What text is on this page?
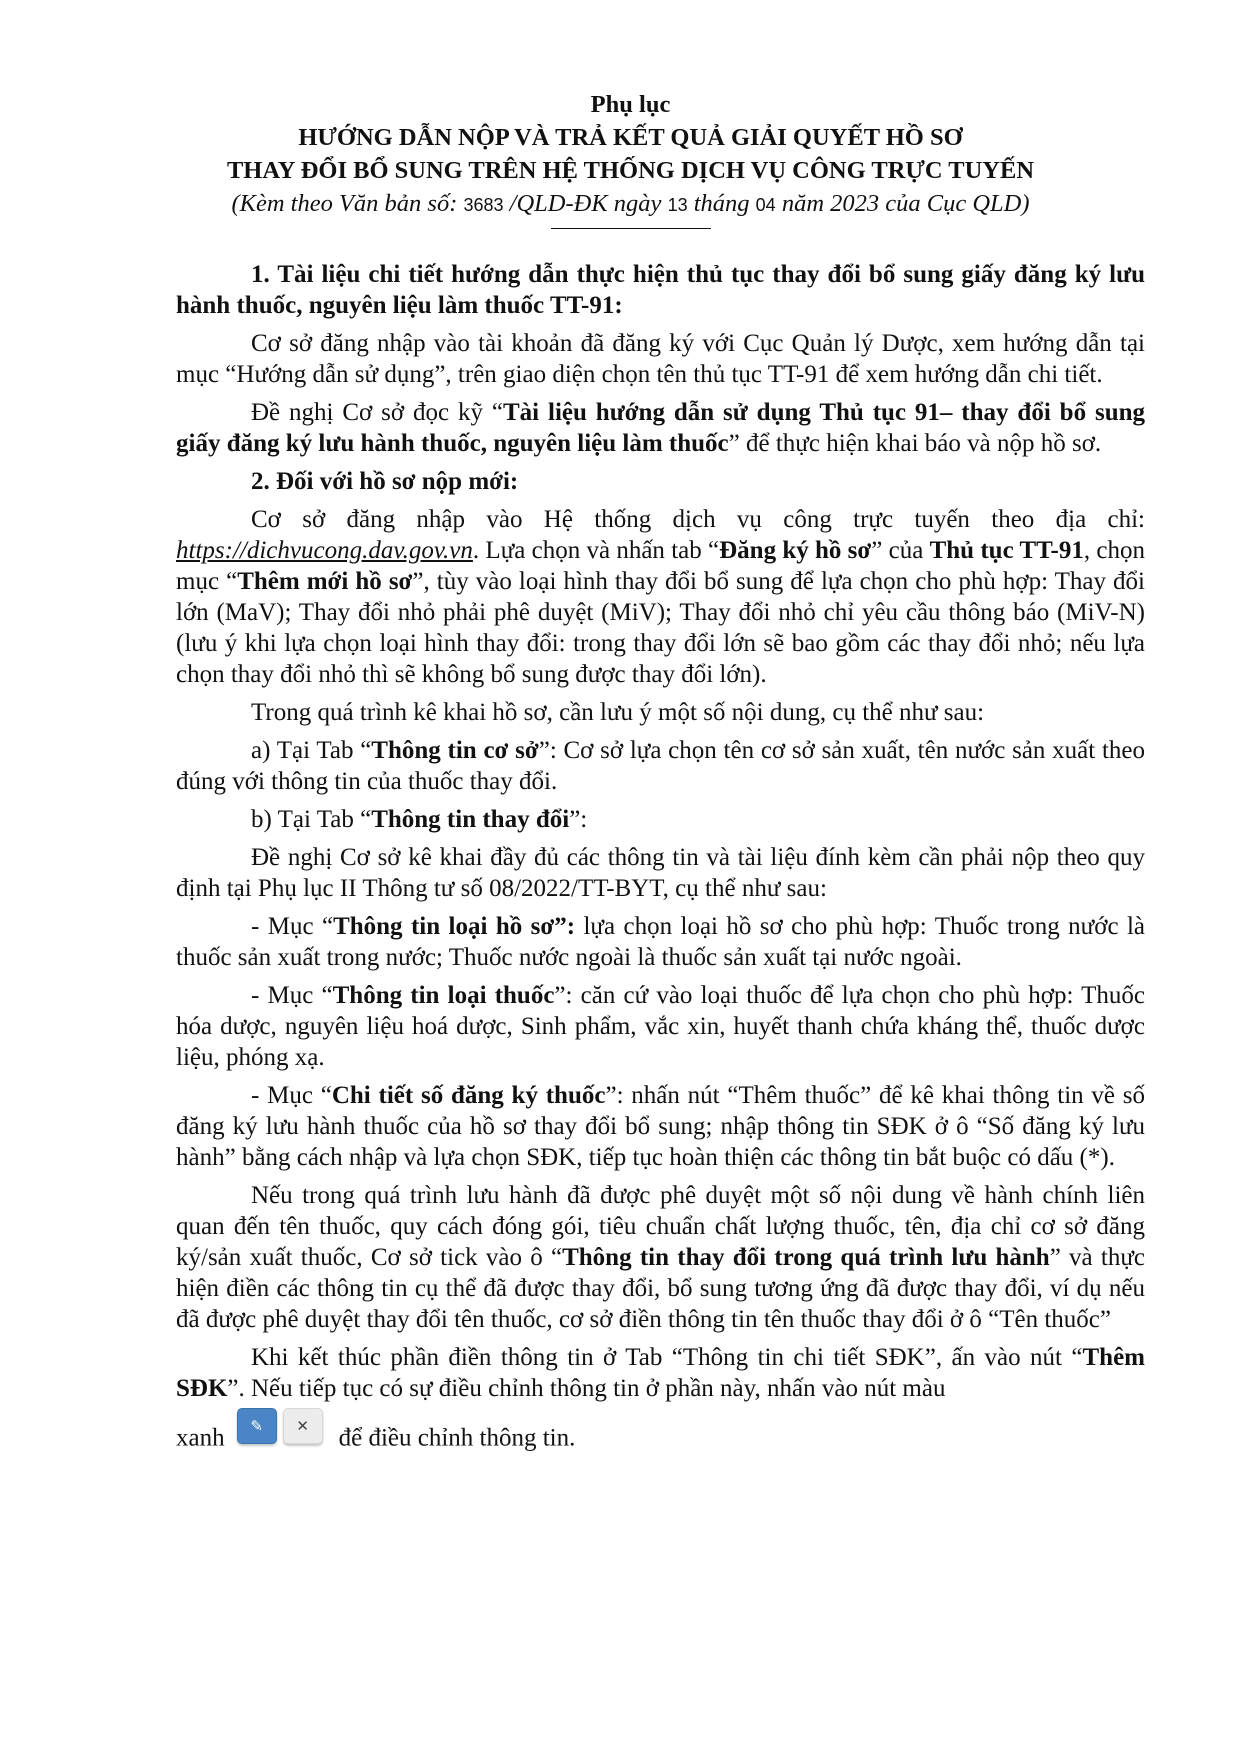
Phụ lục
HƯỚNG DẪN NỘP VÀ TRẢ KẾT QUẢ GIẢI QUYẾT HỒ SƠ
THAY ĐỔI BỔ SUNG TRÊN HỆ THỐNG DỊCH VỤ CÔNG TRỰC TUYẾN
(Kèm theo Văn bản số: 3683 /QLD-ĐK ngày 13 tháng 04 năm 2023 của Cục QLD)

1. Tài liệu chi tiết hướng dẫn thực hiện thủ tục thay đổi bổ sung giấy đăng ký lưu hành thuốc, nguyên liệu làm thuốc TT-91:

Cơ sở đăng nhập vào tài khoản đã đăng ký với Cục Quản lý Dược, xem hướng dẫn tại mục “Hướng dẫn sử dụng”, trên giao diện chọn tên thủ tục TT-91 để xem hướng dẫn chi tiết.

Đề nghị Cơ sở đọc kỹ “Tài liệu hướng dẫn sử dụng Thủ tục 91– thay đổi bổ sung giấy đăng ký lưu hành thuốc, nguyên liệu làm thuốc” để thực hiện khai báo và nộp hồ sơ.

2. Đối với hồ sơ nộp mới:

Cơ sở đăng nhập vào Hệ thống dịch vụ công trực tuyến theo địa chỉ: https://dichvucong.dav.gov.vn. Lựa chọn và nhấn tab “Đăng ký hồ sơ” của Thủ tục TT-91, chọn mục “Thêm mới hồ sơ”, tùy vào loại hình thay đổi bổ sung để lựa chọn cho phù hợp: Thay đổi lớn (MaV); Thay đổi nhỏ phải phê duyệt (MiV); Thay đổi nhỏ chỉ yêu cầu thông báo (MiV-N) (lưu ý khi lựa chọn loại hình thay đổi: trong thay đổi lớn sẽ bao gồm các thay đổi nhỏ; nếu lựa chọn thay đổi nhỏ thì sẽ không bổ sung được thay đổi lớn).

Trong quá trình kê khai hồ sơ, cần lưu ý một số nội dung, cụ thể như sau:

a) Tại Tab “Thông tin cơ sở”: Cơ sở lựa chọn tên cơ sở sản xuất, tên nước sản xuất theo đúng với thông tin của thuốc thay đổi.

b) Tại Tab “Thông tin thay đổi”:

Đề nghị Cơ sở kê khai đầy đủ các thông tin và tài liệu đính kèm cần phải nộp theo quy định tại Phụ lục II Thông tư số 08/2022/TT-BYT, cụ thể như sau:

- Mục “Thông tin loại hồ sơ”: lựa chọn loại hồ sơ cho phù hợp: Thuốc trong nước là thuốc sản xuất trong nước; Thuốc nước ngoài là thuốc sản xuất tại nước ngoài.

- Mục “Thông tin loại thuốc”: căn cứ vào loại thuốc để lựa chọn cho phù hợp: Thuốc hóa dược, nguyên liệu hoá dược, Sinh phẩm, vắc xin, huyết thanh chứa kháng thể, thuốc dược liệu, phóng xạ.

- Mục “Chi tiết số đăng ký thuốc”: nhấn nút “Thêm thuốc” để kê khai thông tin về số đăng ký lưu hành thuốc của hồ sơ thay đổi bổ sung; nhập thông tin SĐK ở ô “Số đăng ký lưu hành” bằng cách nhập và lựa chọn SĐK, tiếp tục hoàn thiện các thông tin bắt buộc có dấu (*).

Nếu trong quá trình lưu hành đã được phê duyệt một số nội dung về hành chính liên quan đến tên thuốc, quy cách đóng gói, tiêu chuẩn chất lượng thuốc, tên, địa chỉ cơ sở đăng ký/sản xuất thuốc, Cơ sở tick vào ô “Thông tin thay đổi trong quá trình lưu hành” và thực hiện điền các thông tin cụ thể đã được thay đổi, bổ sung tương ứng đã được thay đổi, ví dụ nếu đã được phê duyệt thay đổi tên thuốc, cơ sở điền thông tin tên thuốc thay đổi ở ô “Tên thuốc”

Khi kết thúc phần điền thông tin ở Tab “Thông tin chi tiết SĐK”, ấn vào nút “Thêm SĐK”. Nếu tiếp tục có sự điều chỉnh thông tin ở phần này, nhấn vào nút màu

xanh	✎	✕	để điều chỉnh thông tin.
